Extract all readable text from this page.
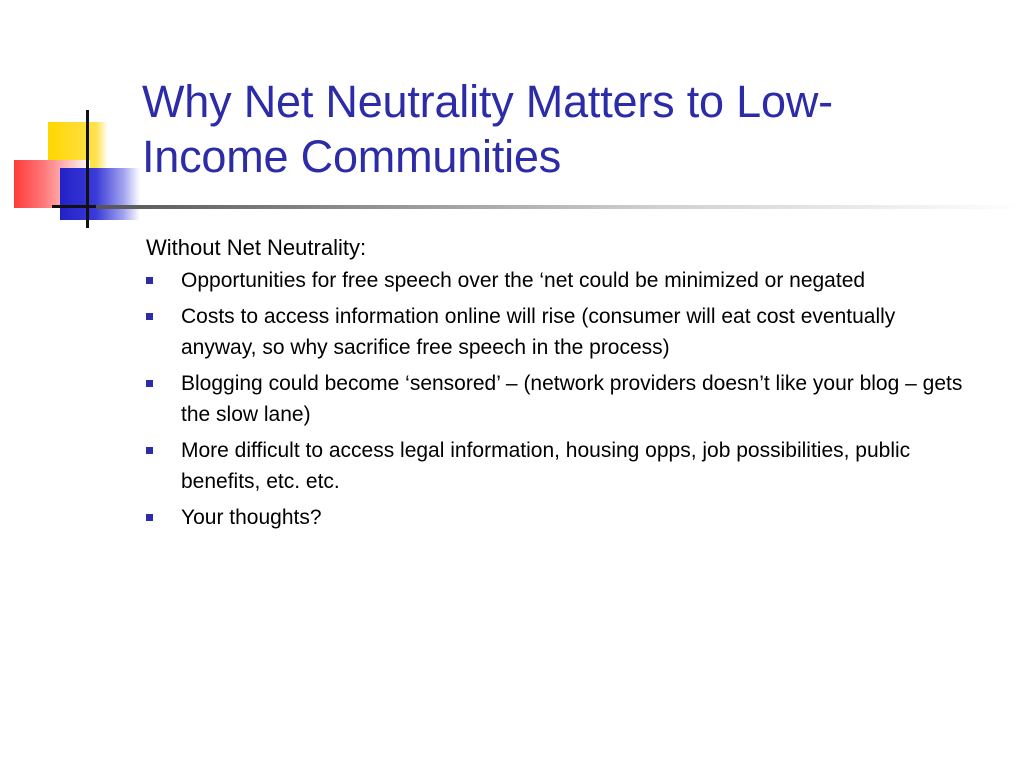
Why Net Neutrality Matters to Low-
Income Communities

Without Net Neutrality:

Opportunities for free speech over the ‘net could be minimized or negated
Costs to access information online will rise (consumer will eat cost eventually anyway, so why sacrifice free speech in the process)
Blogging could become ‘sensored’ – (network providers doesn’t like your blog – gets the slow lane)
More difficult to access legal information, housing opps, job possibilities, public benefits, etc. etc.
Your thoughts?
